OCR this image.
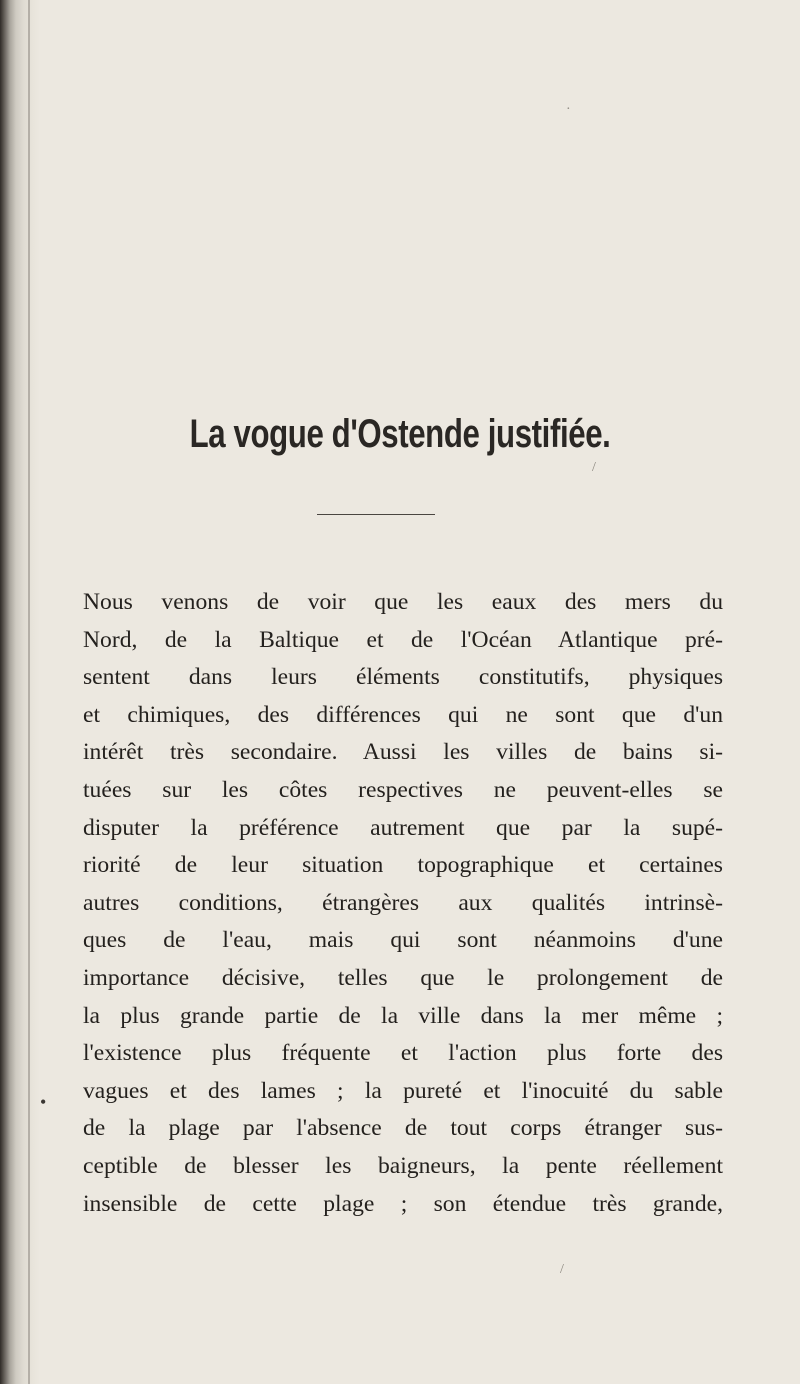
La vogue d'Ostende justifiée.
/
·

Nous venons de voir que les eaux des mers du
Nord, de la Baltique et de l'Océan Atlantique pré-
sentent dans leurs éléments constitutifs, physiques
et chimiques, des différences qui ne sont que d'un
intérêt très secondaire. Aussi les villes de bains si-
tuées sur les côtes respectives ne peuvent-elles se
disputer la préférence autrement que par la supé-
riorité de leur situation topographique et certaines
autres conditions, étrangères aux qualités intrinsè-
ques de l'eau, mais qui sont néanmoins d'une
importance décisive, telles que le prolongement de
la plus grande partie de la ville dans la mer même ;
l'existence plus fréquente et l'action plus forte des
vagues et des lames ; la pureté et l'inocuité du sable
de la plage par l'absence de tout corps étranger sus-
ceptible de blesser les baigneurs, la pente réellement
insensible de cette plage ; son étendue très grande,

/
•
